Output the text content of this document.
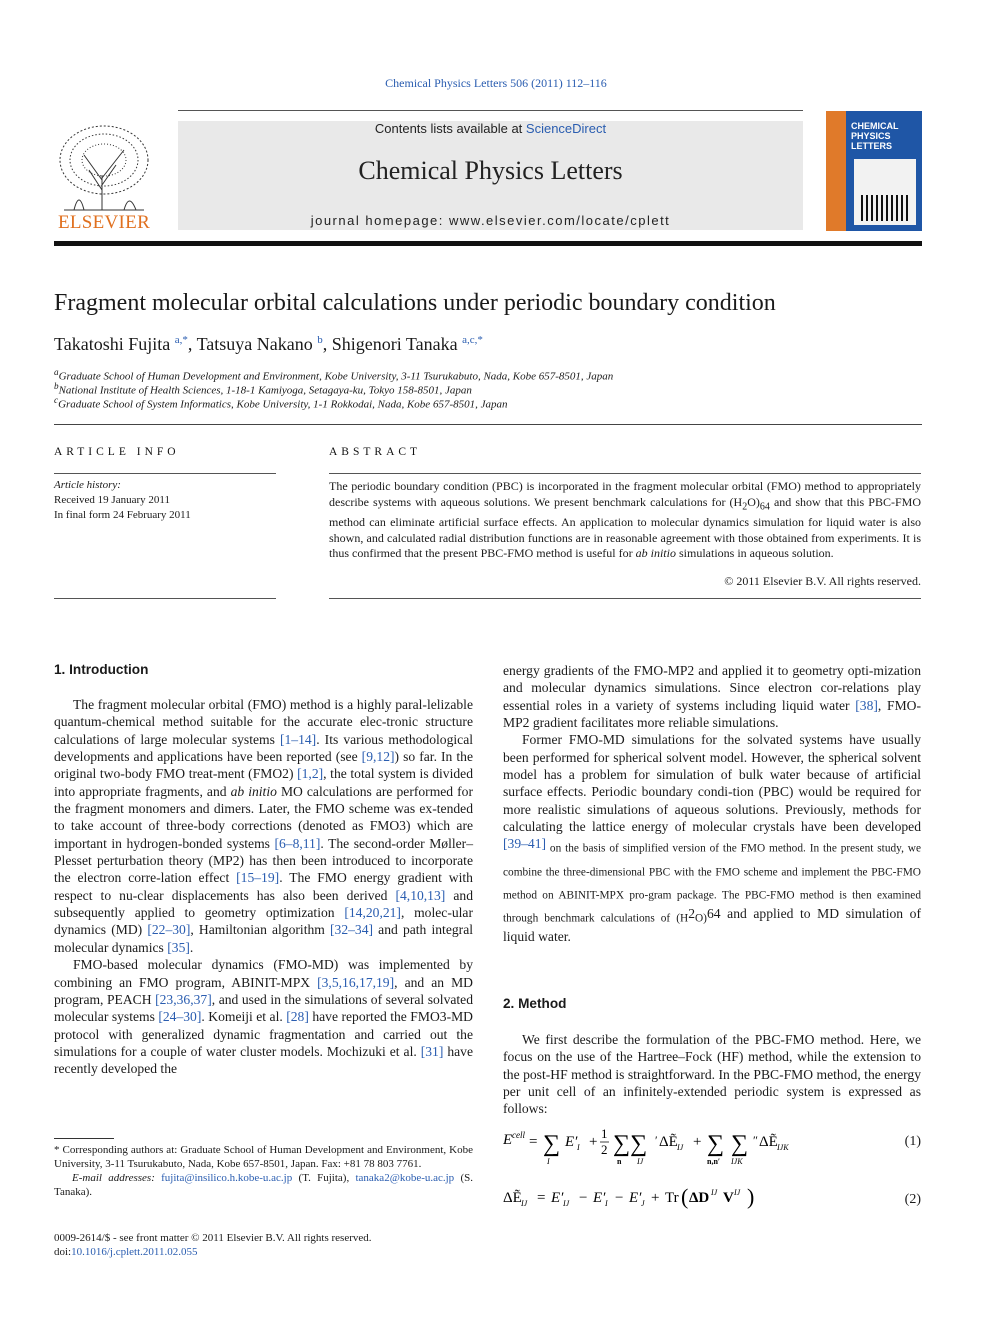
Chemical Physics Letters 506 (2011) 112–116
ELSEVIER
Contents lists available at ScienceDirect
Chemical Physics Letters
journal homepage: www.elsevier.com/locate/cplett
CHEMICAL
PHYSICS
LETTERS
Fragment molecular orbital calculations under periodic boundary condition
Takatoshi Fujita $^{a,*}$, Tatsuya Nakano $^b$, Shigenori Tanaka $^{a,c,*}$
$^a$Graduate School of Human Development and Environment, Kobe University, 3-11 Tsurukabuto, Nada, Kobe 657-8501, Japan
$^b$National Institute of Health Sciences, 1-18-1 Kamiyoga, Setagaya-ku, Tokyo 158-8501, Japan
$^c$Graduate School of System Informatics, Kobe University, 1-1 Rokkodai, Nada, Kobe 657-8501, Japan
ARTICLE INFO
Article history:
Received 19 January 2011
In final form 24 February 2011
ABSTRACT
The periodic boundary condition (PBC) is incorporated in the fragment molecular orbital (FMO) method to appropriately describe systems with aqueous solutions. We present benchmark calculations for $(H_2O)_{64}$ and show that this PBC-FMO method can eliminate artificial surface effects. An application to molecular dynamics simulation for liquid water is also shown, and calculated radial distribution functions are in reasonable agreement with those obtained from experiments. It is thus confirmed that the present PBC-FMO method is useful for ab initio simulations in aqueous solution.
© 2011 Elsevier B.V. All rights reserved.
1. Introduction

The fragment molecular orbital (FMO) method is a highly paral-lelizable quantum-chemical method suitable for the accurate elec-tronic structure calculations of large molecular systems [1–14]. Its various methodological developments and applications have been reported (see [9,12]) so far. In the original two-body FMO treat-ment (FMO2) [1,2], the total system is divided into appropriate fragments, and ab initio MO calculations are performed for the fragment monomers and dimers. Later, the FMO scheme was ex-tended to take account of three-body corrections (denoted as FMO3) which are important in hydrogen-bonded systems [6–8,11]. The second-order Møller–Plesset perturbation theory (MP2) has then been introduced to incorporate the electron corre-lation effect [15–19]. The FMO energy gradient with respect to nu-clear displacements has also been derived [4,10,13] and subsequently applied to geometry optimization [14,20,21], molec-ular dynamics (MD) [22–30], Hamiltonian algorithm [32–34] and path integral molecular dynamics [35].

FMO-based molecular dynamics (FMO-MD) was implemented by combining an FMO program, ABINIT-MPX [3,5,16,17,19], and an MD program, PEACH [23,36,37], and used in the simulations of several solvated molecular systems [24–30]. Komeiji et al. [28] have reported the FMO3-MD protocol with generalized dynamic fragmentation and carried out the simulations for a couple of water cluster models. Mochizuki et al. [31] have recently developed the

* Corresponding authors at: Graduate School of Human Development and Environment, Kobe University, 3-11 Tsurukabuto, Nada, Kobe 657-8501, Japan. Fax: +81 78 803 7761.
E-mail addresses: fujita@insilico.h.kobe-u.ac.jp (T. Fujita), tanaka2@kobe-u.ac.jp (S. Tanaka).
0009-2614/$ - see front matter © 2011 Elsevier B.V. All rights reserved.
doi:10.1016/j.cplett.2011.02.055

energy gradients of the FMO-MP2 and applied it to geometry opti-mization and molecular dynamics simulations. Since electron cor-relations play essential roles in a variety of systems including liquid water [38], FMO-MP2 gradient facilitates more reliable simulations.

Former FMO-MD simulations for the solvated systems have usually been performed for spherical solvent model. However, the spherical solvent model has a problem for simulation of bulk water because of artificial surface effects. Periodic boundary condi-tion (PBC) would be required for more realistic simulations of aqueous solutions. Previously, methods for calculating the lattice energy of molecular crystals have been developed [39–41] $_{on the basis of simplified version of the FMO method. In the present study, we combine the three-dimensional PBC with the FMO scheme and implement the PBC-FMO method on ABINIT-MPX pro-gram package. The PBC-FMO method is then examined through benchmark calculations of (H}2_{O)}64$ and applied to MD simulation of liquid water.

2. Method

We first describe the formulation of the PBC-FMO method. Here, we focus on the use of the Hartree–Fock (HF) method, while the extension to the post-HF method is straightforward. In the PBC-FMO method, the energy per unit cell of an infinitely-extended periodic system is expressed as follows:

E cell = ∑
I
E′ I +
1
2 ∑∑
n IJ
′ ΔẼ IJ + ∑ ∑
n,n′ IJK
″ ΔẼ IJK	(1)
ΔẼ IJ = E′ IJ − E′ I − E′ J + Tr ( ΔD IJ V IJ )	(2)
